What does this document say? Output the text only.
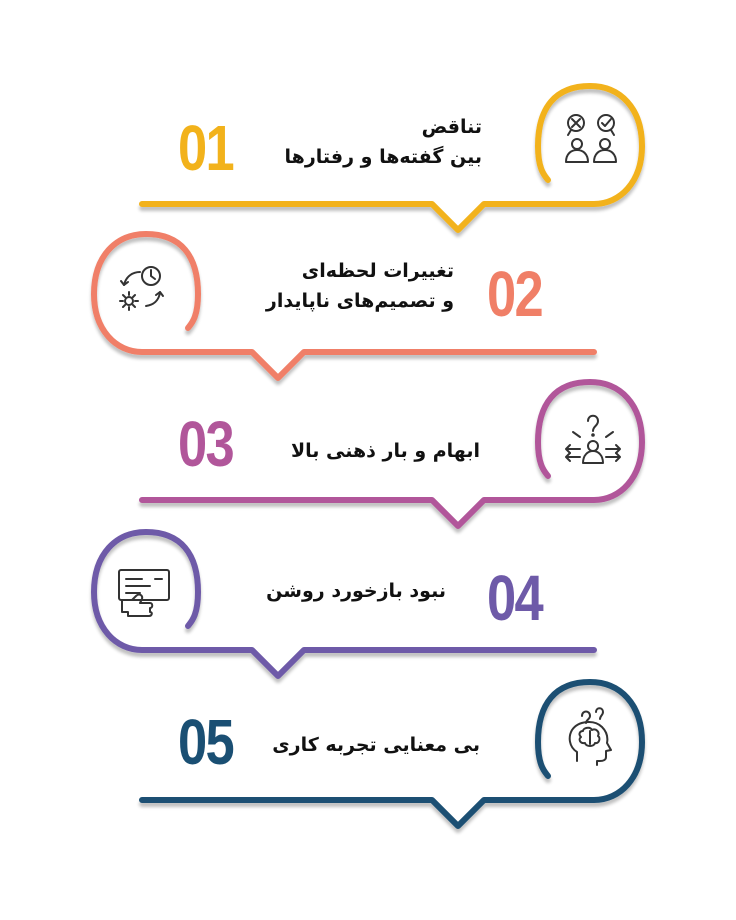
01
02
03
04
05
تناقض
بین گفته‌ها و رفتارها
تغییرات لحظه‌ای
و تصمیم‌های ناپایدار
ابهام و بار ذهنی بالا
نبود بازخورد روشن
بی معنایی تجربه کاری
